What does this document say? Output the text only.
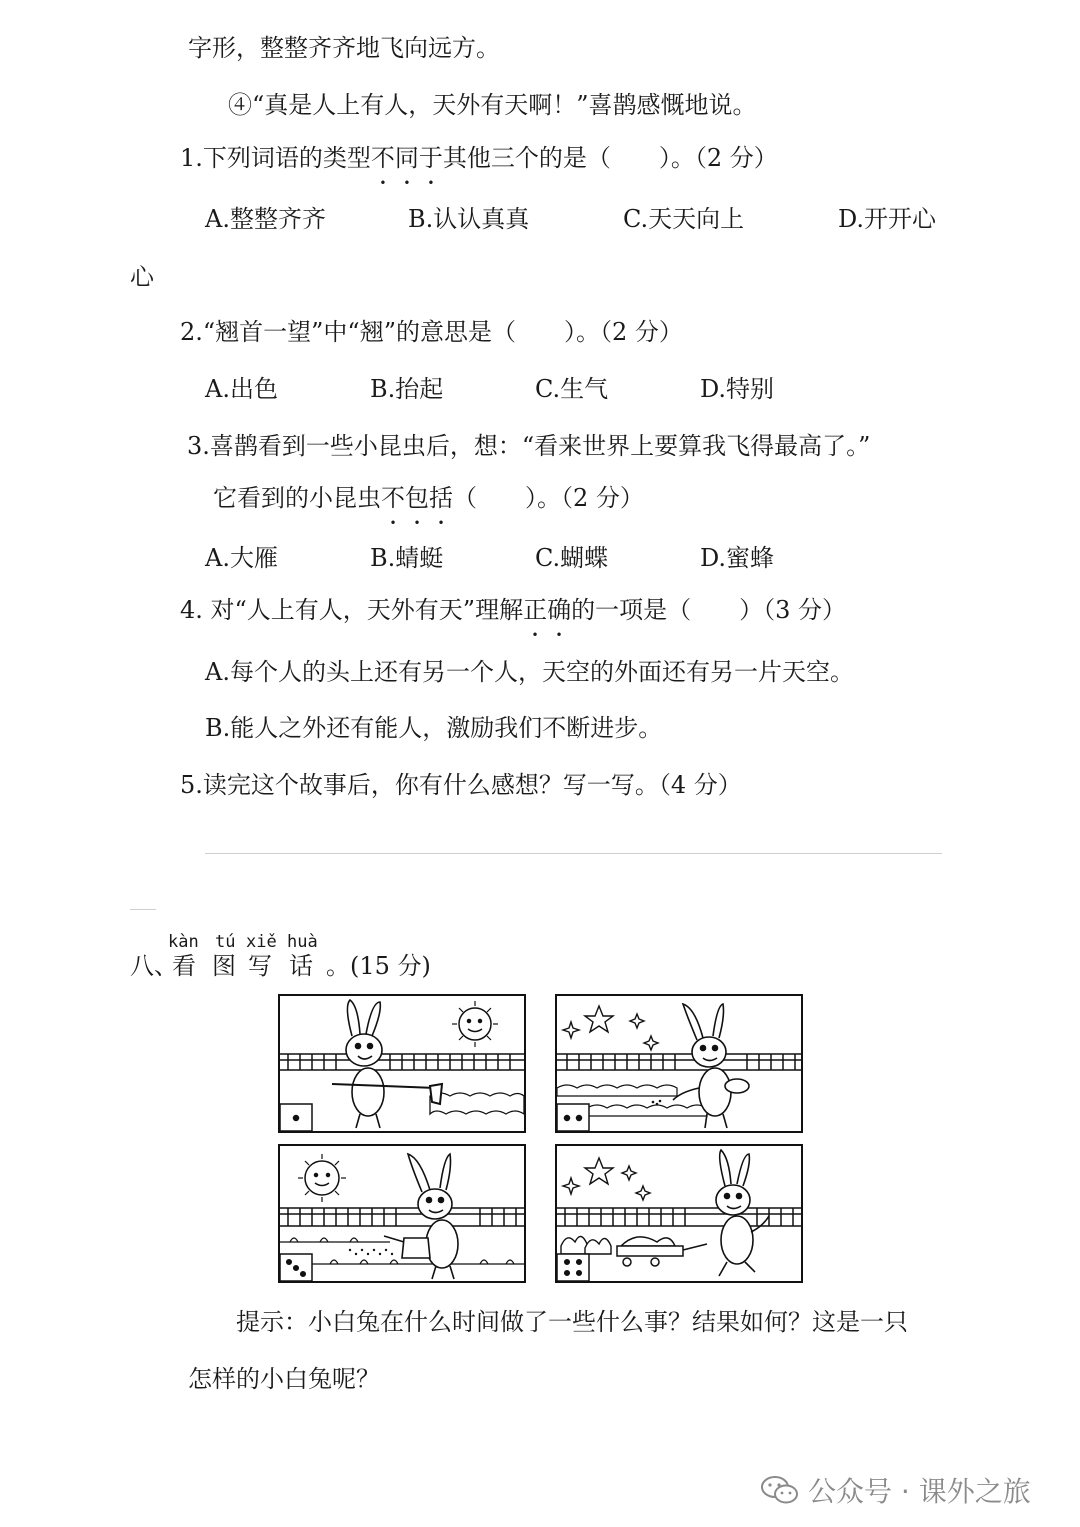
字形，整整齐齐地飞向远方。
④“真是人上有人，天外有天啊！”喜鹊感慨地说。
1.下列词语的类型不同于其他三个的是（　　）。（2 分）
A.整整齐齐	B.认认真真	C.天天向上	D.开开心
心
2.“翘首一望”中“翘”的意思是（　　）。（2 分）
A.出色	B.抬起	C.生气	D.特别
3.喜鹊看到一些小昆虫后，想：“看来世界上要算我飞得最高了。”
它看到的小昆虫不包括（　　）。（2 分）
A.大雁	B.蜻蜓	C.蝴蝶	D.蜜蜂
4. 对“人上有人，天外有天”理解正确的一项是（　　）（3 分）
A.每个人的头上还有另一个人，天空的外面还有另一片天空。
B.能人之外还有能人，激励我们不断进步。
5.读完这个故事后，你有什么感想？写一写。（4 分）
kàn tú xiě huà
八、
看 图 写 话 。(15 分)
提示：小白兔在什么时间做了一些什么事？结果如何？这是一只
怎样的小白兔呢？
公众号 · 课外之旅
